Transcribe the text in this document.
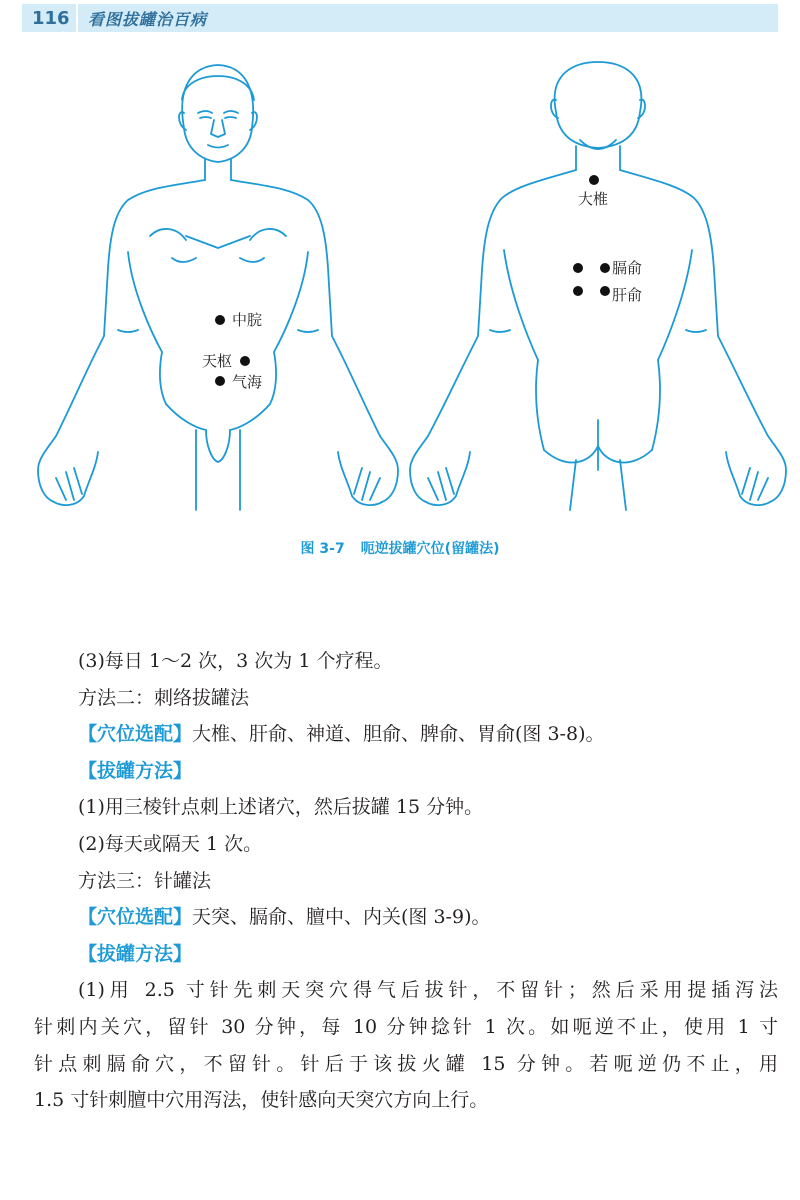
116	看图拔罐治百病
中脘
天枢
气海
大椎
膈俞
肝俞
图 3-7 呃逆拔罐穴位(留罐法)
(3)每日 1～2 次，3 次为 1 个疗程。
方法二：刺络拔罐法
【穴位选配】大椎、肝俞、神道、胆俞、脾俞、胃俞(图 3-8)。
【拔罐方法】
(1)用三棱针点刺上述诸穴，然后拔罐 15 分钟。
(2)每天或隔天 1 次。
方法三：针罐法
【穴位选配】天突、膈俞、膻中、内关(图 3-9)。
【拔罐方法】
(1)用 2.5 寸针先刺天突穴得气后拔针，不留针；然后采用提插泻法
针刺内关穴，留针 30 分钟，每 10 分钟捻针 1 次。如呃逆不止，使用 1 寸
针点刺膈俞穴，不留针。针后于该拔火罐 15 分钟。若呃逆仍不止，用
1.5 寸针刺膻中穴用泻法，使针感向天突穴方向上行。
